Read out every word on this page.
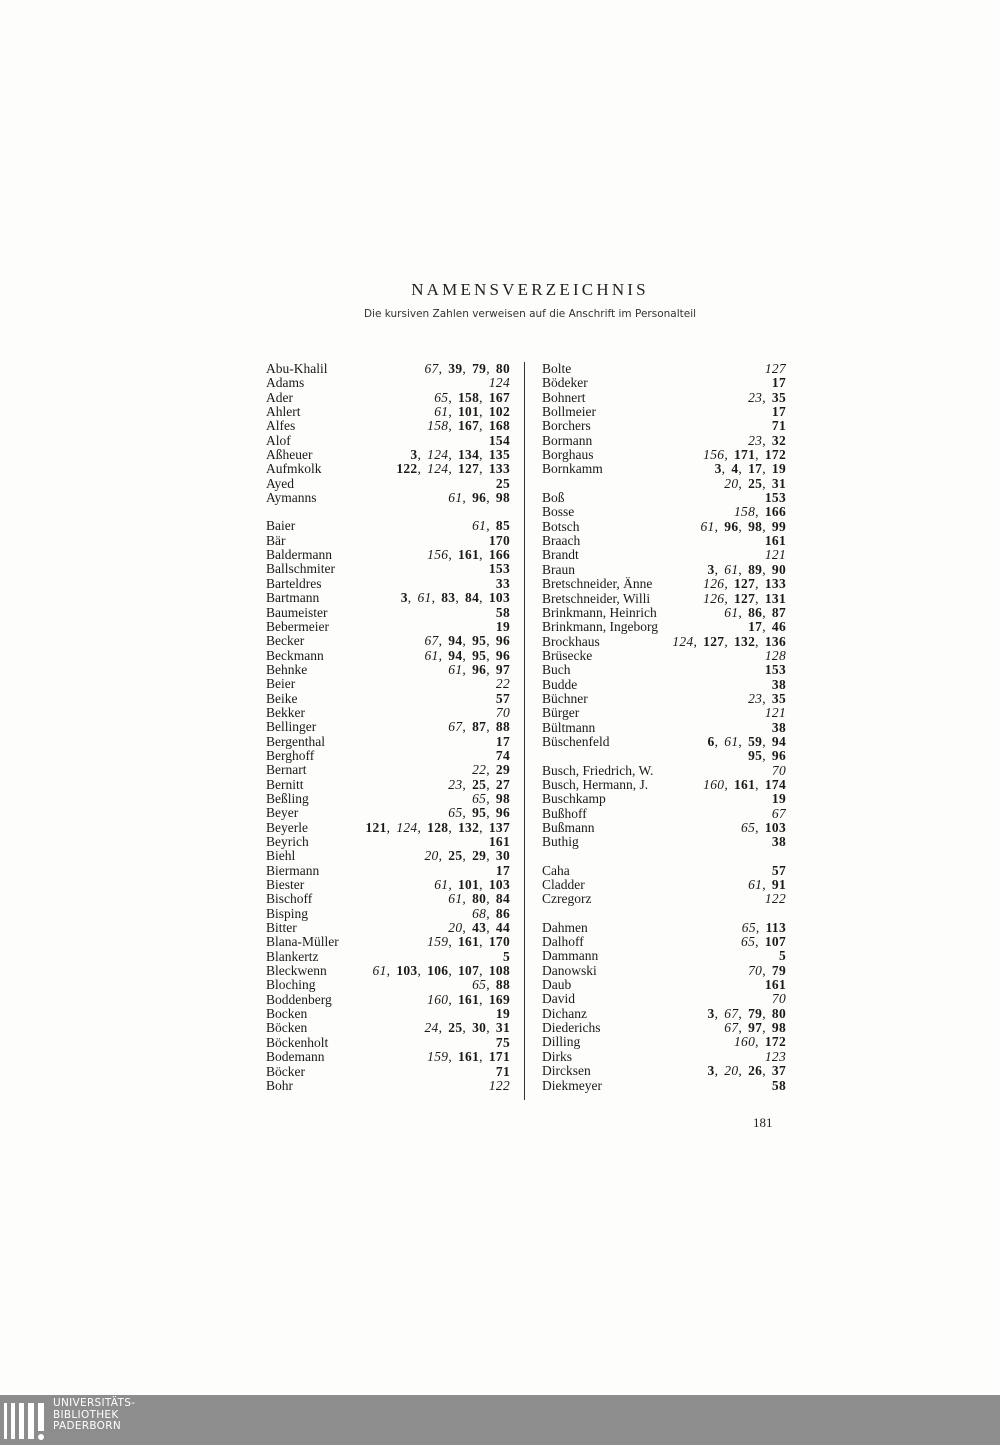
NAMENSVERZEICHNIS
Die kursiven Zahlen verweisen auf die Anschrift im Personalteil
Abu-Khalil	67, 39, 79, 80
Adams	124
Ader	65, 158, 167
Ahlert	61, 101, 102
Alfes	158, 167, 168
Alof	154
Aßheuer	3, 124, 134, 135
Aufmkolk	122, 124, 127, 133
Ayed	25
Aymanns	61, 96, 98
Baier	61, 85
Bär	170
Baldermann	156, 161, 166
Ballschmiter	153
Barteldres	33
Bartmann	3, 61, 83, 84, 103
Baumeister	58
Bebermeier	19
Becker	67, 94, 95, 96
Beckmann	61, 94, 95, 96
Behnke	61, 96, 97
Beier	22
Beike	57
Bekker	70
Bellinger	67, 87, 88
Bergenthal	17
Berghoff	74
Bernart	22, 29
Bernitt	23, 25, 27
Beßling	65, 98
Beyer	65, 95, 96
Beyerle	121, 124, 128, 132, 137
Beyrich	161
Biehl	20, 25, 29, 30
Biermann	17
Biester	61, 101, 103
Bischoff	61, 80, 84
Bisping	68, 86
Bitter	20, 43, 44
Blana-Müller	159, 161, 170
Blankertz	5
Bleckwenn	61, 103, 106, 107, 108
Bloching	65, 88
Boddenberg	160, 161, 169
Bocken	19
Böcken	24, 25, 30, 31
Böckenholt	75
Bodemann	159, 161, 171
Böcker	71
Bohr	122
Bolte	127
Bödeker	17
Bohnert	23, 35
Bollmeier	17
Borchers	71
Bormann	23, 32
Borghaus	156, 171, 172
Bornkamm	3, 4, 17, 19
20, 25, 31
Boß	153
Bosse	158, 166
Botsch	61, 96, 98, 99
Braach	161
Brandt	121
Braun	3, 61, 89, 90
Bretschneider, Änne	126, 127, 133
Bretschneider, Willi	126, 127, 131
Brinkmann, Heinrich	61, 86, 87
Brinkmann, Ingeborg	17, 46
Brockhaus	124, 127, 132, 136
Brüsecke	128
Buch	153
Budde	38
Büchner	23, 35
Bürger	121
Bültmann	38
Büschenfeld	6, 61, 59, 94
95, 96
Busch, Friedrich, W.	70
Busch, Hermann, J.	160, 161, 174
Buschkamp	19
Bußhoff	67
Bußmann	65, 103
Buthig	38
Caha	57
Cladder	61, 91
Czregorz	122
Dahmen	65, 113
Dalhoff	65, 107
Dammann	5
Danowski	70, 79
Daub	161
David	70
Dichanz	3, 67, 79, 80
Diederichs	67, 97, 98
Dilling	160, 172
Dirks	123
Dircksen	3, 20, 26, 37
Diekmeyer	58
181
UNIVERSITÄTS-
BIBLIOTHEK
PADERBORN
